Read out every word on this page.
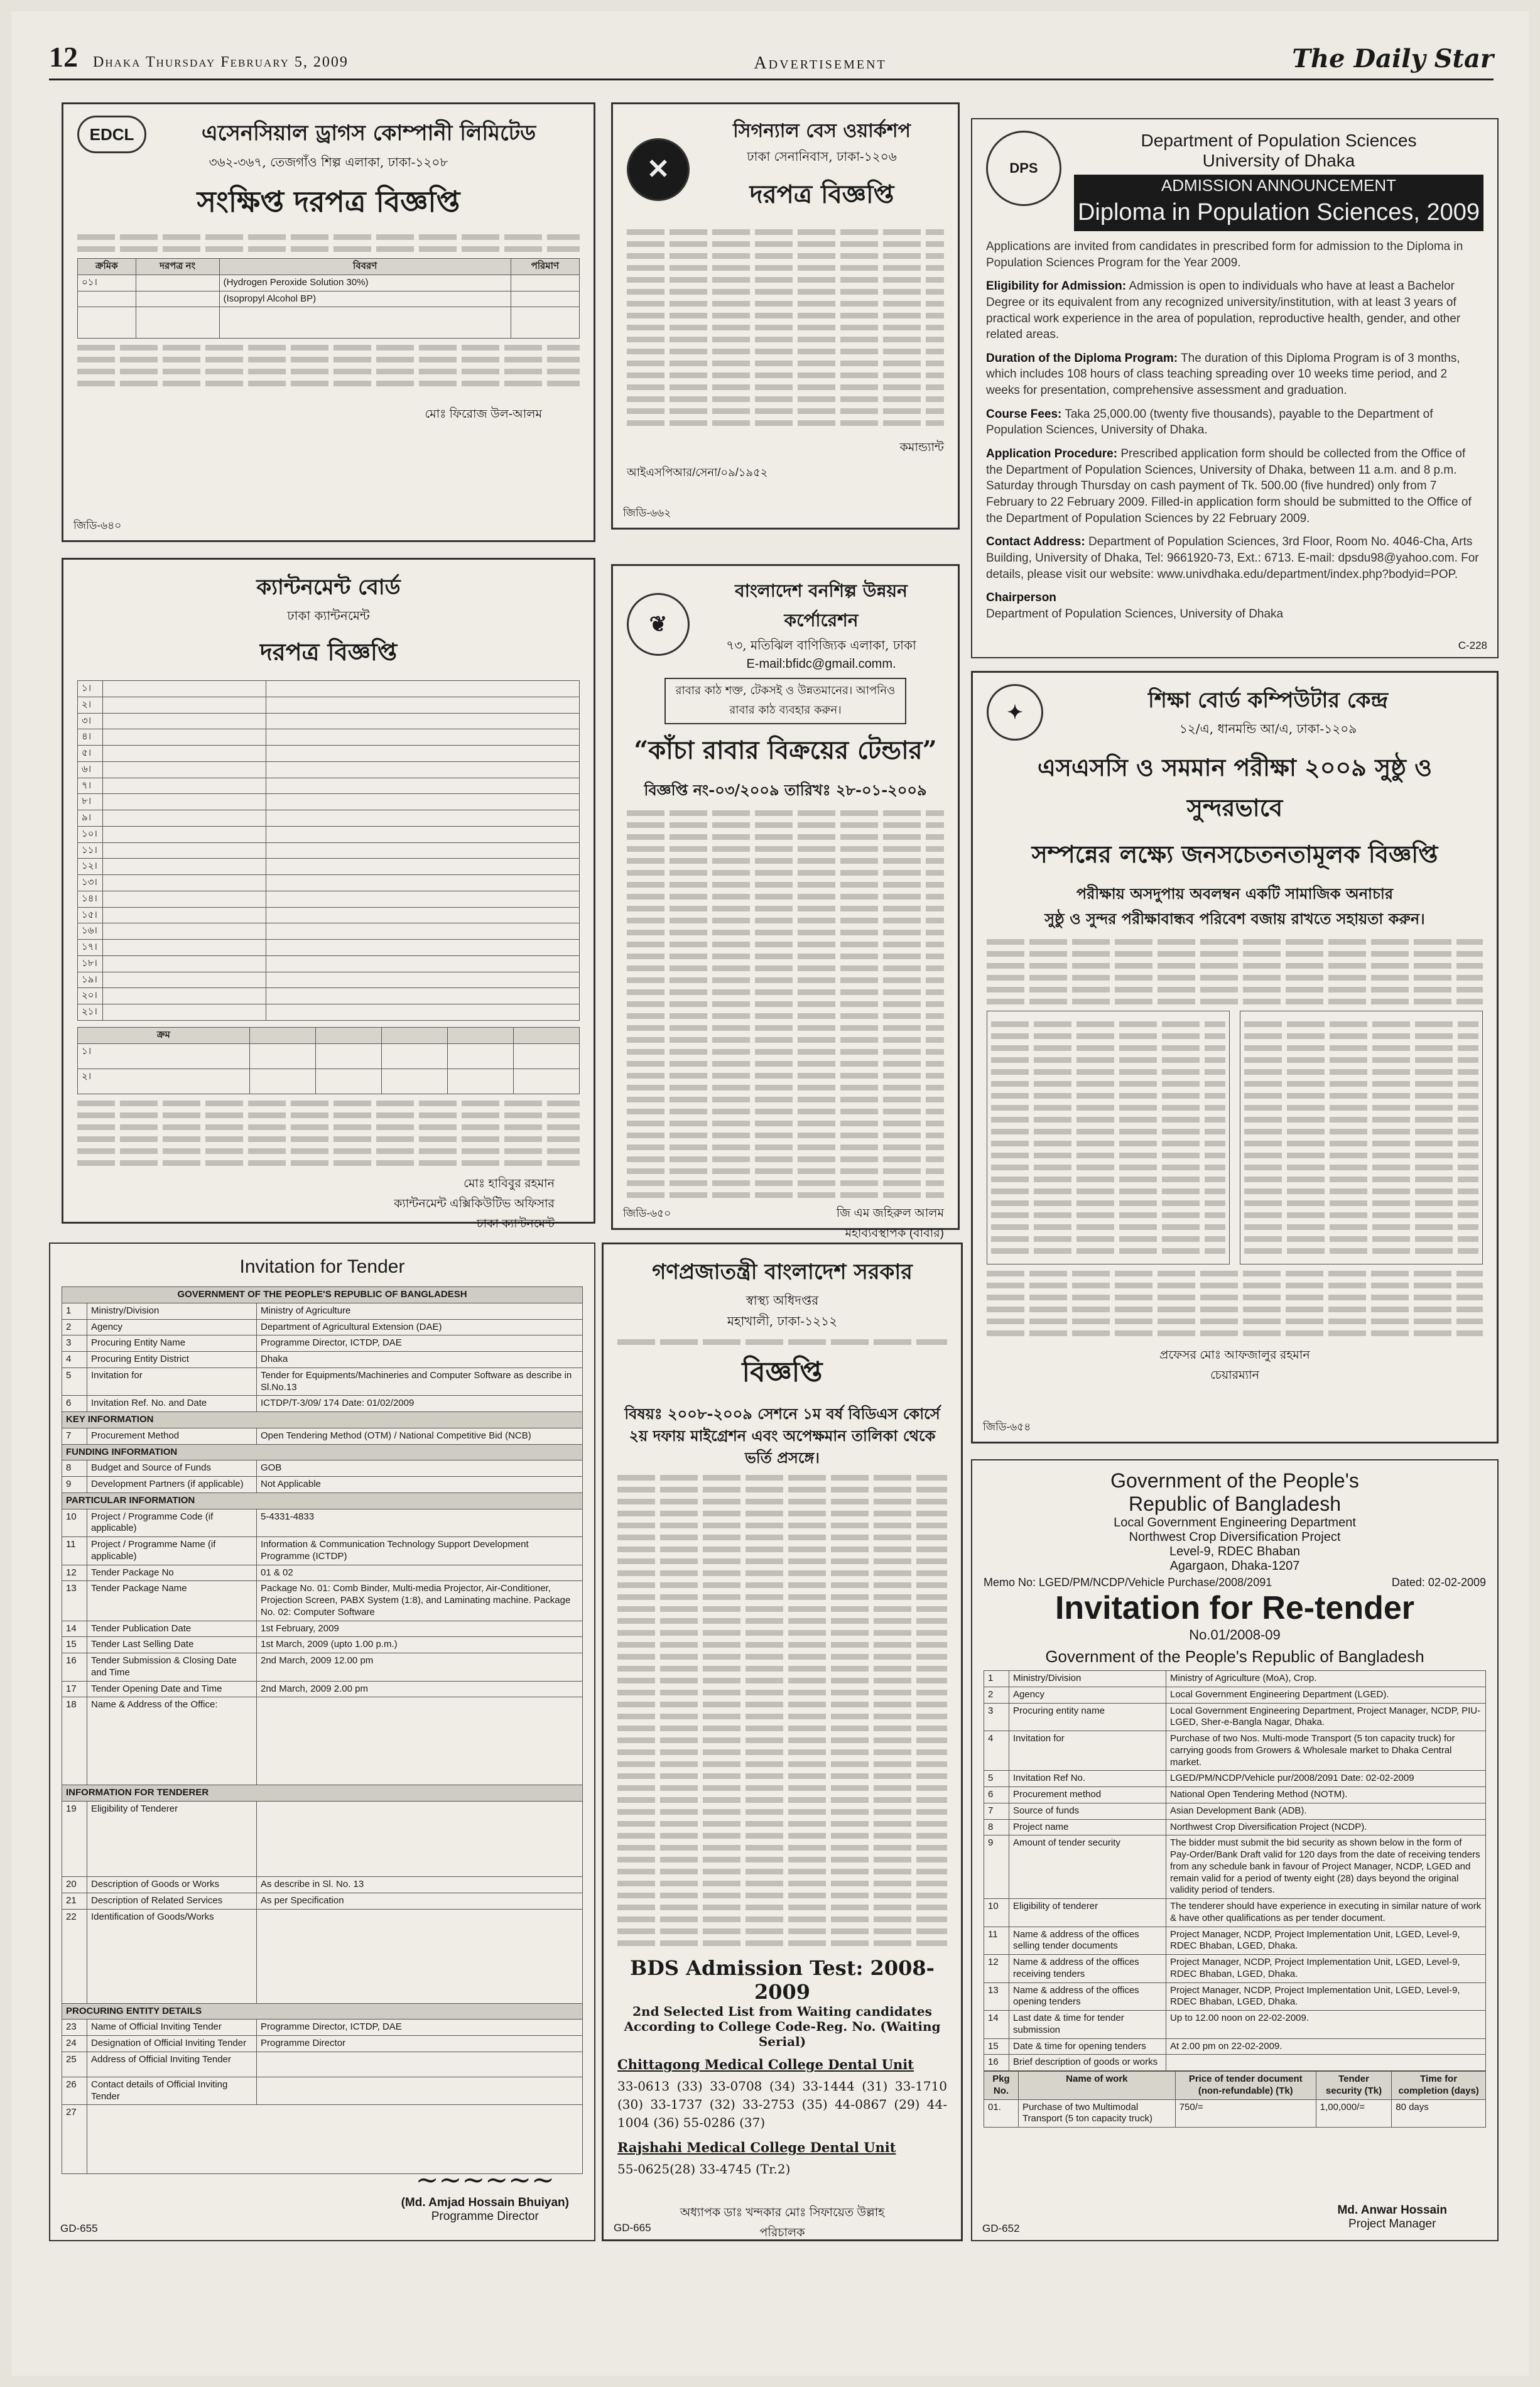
12 Dhaka Thursday February 5, 2009	Advertisement	The Daily Star
EDCL	এসেনসিয়াল ড্রাগস কোম্পানী লিমিটেড
৩৬২-৩৬৭, তেজগাঁও শিল্প এলাকা, ঢাকা-১২০৮
সংক্ষিপ্ত দরপত্র বিজ্ঞপ্তি
ক্রমিক	দরপত্র নং	বিবরণ	পরিমাণ
০১।		(Hydrogen Peroxide Solution 30%)	
		(Isopropyl Alcohol BP)	

মোঃ ফিরোজ উল-আলম
জিডি-৬৪০
✕
সিগন্যাল বেস ওয়ার্কশপ
ঢাকা সেনানিবাস, ঢাকা-১২০৬
দরপত্র বিজ্ঞপ্তি
কমান্ড্যান্ট
আইএসপিআর/সেনা/০৯/১৯৫২
জিডি-৬৬২
DPS
Department of Population Sciences
University of Dhaka
ADMISSION ANNOUNCEMENT
Diploma in Population Sciences, 2009
Applications are invited from candidates in prescribed form for admission to the Diploma in Population Sciences Program for the Year 2009.
Eligibility for Admission: Admission is open to individuals who have at least a Bachelor Degree or its equivalent from any recognized university/institution, with at least 3 years of practical work experience in the area of population, reproductive health, gender, and other related areas.
Duration of the Diploma Program: The duration of this Diploma Program is of 3 months, which includes 108 hours of class teaching spreading over 10 weeks time period, and 2 weeks for presentation, comprehensive assessment and graduation.
Course Fees: Taka 25,000.00 (twenty five thousands), payable to the Department of Population Sciences, University of Dhaka.
Application Procedure: Prescribed application form should be collected from the Office of the Department of Population Sciences, University of Dhaka, between 11 a.m. and 8 p.m. Saturday through Thursday on cash payment of Tk. 500.00 (five hundred) only from 7 February to 22 February 2009. Filled-in application form should be submitted to the Office of the Department of Population Sciences by 22 February 2009.
Contact Address: Department of Population Sciences, 3rd Floor, Room No. 4046-Cha, Arts Building, University of Dhaka, Tel: 9661920-73, Ext.: 6713. E-mail: dpsdu98@yahoo.com. For details, please visit our website: www.univdhaka.edu/department/index.php?bodyid=POP.
Chairperson
Department of Population Sciences, University of Dhaka
C-228
ক্যান্টনমেন্ট বোর্ড
ঢাকা ক্যান্টনমেন্ট
দরপত্র বিজ্ঞপ্তি
১।		
২।		
৩।		
৪।		
৫।		
৬।		
৭।		
৮।		
৯।		
১০।		
১১।		
১২।		
১৩।		
১৪।		
১৫।		
১৬।		
১৭।		
১৮।		
১৯।		
২০।		
২১।		
ক্রম					
১।					
২।					
মোঃ হাবিবুর রহমান
ক্যান্টনমেন্ট এক্সিকিউটিভ অফিসার
ঢাকা ক্যান্টনমেন্ট
❦
বাংলাদেশ বনশিল্প উন্নয়ন কর্পোরেশন
৭৩, মতিঝিল বাণিজ্যিক এলাকা, ঢাকা
E-mail:bfidc@gmail.comm.
রাবার কাঠ শক্ত, টেকসই ও উন্নতমানের। আপনিও রাবার কাঠ ব্যবহার করুন।
“কাঁচা রাবার বিক্রয়ের টেন্ডার”
বিজ্ঞপ্তি নং-০৩/২০০৯ তারিখঃ ২৮-০১-২০০৯
জি এম জহিরুল আলম
মহাব্যবস্থাপক (বাবার)
জিডি-৬৫০
✦	শিক্ষা বোর্ড কম্পিউটার কেন্দ্র
১২/এ, ধানমন্ডি আ/এ, ঢাকা-১২০৯
এসএসসি ও সমমান পরীক্ষা ২০০৯ সুষ্ঠু ও সুন্দরভাবে
সম্পন্নের লক্ষ্যে জনসচেতনতামূলক বিজ্ঞপ্তি
পরীক্ষায় অসদুপায় অবলম্বন একটি সামাজিক অনাচার
সুষ্ঠু ও সুন্দর পরীক্ষাবান্ধব পরিবেশ বজায় রাখতে সহায়তা করুন।
প্রফেসর মোঃ আফজালুর রহমান
চেয়ারম্যান
জিডি-৬৫৪
Invitation for Tender
GOVERNMENT OF THE PEOPLE'S REPUBLIC OF BANGLADESH		
1	Ministry/Division	Ministry of Agriculture
2	Agency	Department of Agricultural Extension (DAE)
3	Procuring Entity Name	Programme Director, ICTDP, DAE
4	Procuring Entity District	Dhaka
5	Invitation for	Tender for Equipments/Machineries and Computer Software as describe in Sl.No.13
6	Invitation Ref. No. and Date	ICTDP/T-3/09/ 174 Date: 01/02/2009
KEY INFORMATION		
7	Procurement Method	Open Tendering Method (OTM) / National Competitive Bid (NCB)
FUNDING INFORMATION		
8	Budget and Source of Funds	GOB
9	Development Partners (if applicable)	Not Applicable
PARTICULAR INFORMATION		
10	Project / Programme Code (if applicable)	5-4331-4833
11	Project / Programme Name (if applicable)	Information & Communication Technology Support Development Programme (ICTDP)
12	Tender Package No	01 & 02
13	Tender Package Name	Package No. 01: Comb Binder, Multi-media Projector, Air-Conditioner, Projection Screen, PABX System (1:8), and Laminating machine. Package No. 02: Computer Software
14	Tender Publication Date	1st February, 2009
15	Tender Last Selling Date	1st March, 2009 (upto 1.00 p.m.)
16	Tender Submission & Closing Date and Time	2nd March, 2009 12.00 pm
17	Tender Opening Date and Time	2nd March, 2009 2.00 pm
18	Name & Address of the Office:	
INFORMATION FOR TENDERER		
19	Eligibility of Tenderer	
20	Description of Goods or Works	As describe in Sl. No. 13
21	Description of Related Services	As per Specification
22	Identification of Goods/Works	
PROCURING ENTITY DETAILS		
23	Name of Official Inviting Tender	Programme Director, ICTDP, DAE
24	Designation of Official Inviting Tender	Programme Director
25	Address of Official Inviting Tender	
26	Contact details of Official Inviting Tender	
27		
~~~~~~
(Md. Amjad Hossain Bhuiyan)
Programme Director
GD-655
গণপ্রজাতন্ত্রী বাংলাদেশ সরকার
স্বাস্থ্য অধিদপ্তর
মহাখালী, ঢাকা-১২১২
বিজ্ঞপ্তি
বিষয়ঃ ২০০৮-২০০৯ সেশনে ১ম বর্ষ বিডিএস কোর্সে ২য় দফায় মাইগ্রেশন এবং অপেক্ষমান তালিকা থেকে ভর্তি প্রসঙ্গে।
BDS Admission Test: 2008-2009
2nd Selected List from Waiting candidates According to College Code-Reg. No. (Waiting Serial)
Chittagong Medical College Dental Unit
33-0613 (33) 33-0708 (34) 33-1444 (31) 33-1710 (30) 33-1737 (32) 33-2753 (35) 44-0867 (29) 44-1004 (36) 55-0286 (37)
Rajshahi Medical College Dental Unit
55-0625(28) 33-4745 (Tr.2)
অধ্যাপক ডাঃ খন্দকার মোঃ সিফায়েত উল্লাহ
পরিচালক
GD-665
Government of the People's
Republic of Bangladesh
Local Government Engineering Department
Northwest Crop Diversification Project
Level-9, RDEC Bhaban
Agargaon, Dhaka-1207
Memo No: LGED/PM/NCDP/Vehicle Purchase/2008/2091	Dated: 02-02-2009
Invitation for Re-tender
No.01/2008-09
Government of the People's Republic of Bangladesh
1	Ministry/Division	Ministry of Agriculture (MoA), Crop.
2	Agency	Local Government Engineering Department (LGED).
3	Procuring entity name	Local Government Engineering Department, Project Manager, NCDP, PIU-LGED, Sher-e-Bangla Nagar, Dhaka.
4	Invitation for	Purchase of two Nos. Multi-mode Transport (5 ton capacity truck) for carrying goods from Growers & Wholesale market to Dhaka Central market.
5	Invitation Ref No.	LGED/PM/NCDP/Vehicle pur/2008/2091 Date: 02-02-2009
6	Procurement method	National Open Tendering Method (NOTM).
7	Source of funds	Asian Development Bank (ADB).
8	Project name	Northwest Crop Diversification Project (NCDP).
9	Amount of tender security	The bidder must submit the bid security as shown below in the form of Pay-Order/Bank Draft valid for 120 days from the date of receiving tenders from any schedule bank in favour of Project Manager, NCDP, LGED and remain valid for a period of twenty eight (28) days beyond the original validity period of tenders.
10	Eligibility of tenderer	The tenderer should have experience in executing in similar nature of work & have other qualifications as per tender document.
11	Name & address of the offices selling tender documents	Project Manager, NCDP, Project Implementation Unit, LGED, Level-9, RDEC Bhaban, LGED, Dhaka.
12	Name & address of the offices receiving tenders	Project Manager, NCDP, Project Implementation Unit, LGED, Level-9, RDEC Bhaban, LGED, Dhaka.
13	Name & address of the offices opening tenders	Project Manager, NCDP, Project Implementation Unit, LGED, Level-9, RDEC Bhaban, LGED, Dhaka.
14	Last date & time for tender submission	Up to 12.00 noon on 22-02-2009.
15	Date & time for opening tenders	At 2.00 pm on 22-02-2009.
16	Brief description of goods or works	
Pkg No.	Name of work	Price of tender document (non-refundable) (Tk)	Tender security (Tk)	Time for completion (days)
01.	Purchase of two Multimodal Transport (5 ton capacity truck)	750/=	1,00,000/=	80 days
Md. Anwar Hossain
Project Manager
GD-652
